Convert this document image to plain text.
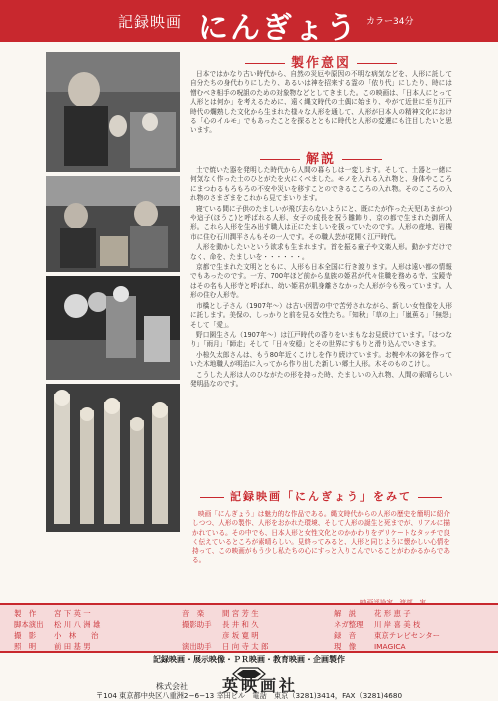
記録映画 にんぎょう カラー34分
製作意図

日本ではかなり古い時代から、自然の災厄や原因の不明な病気などを、人形に託して自分たちの身代わりにしたり、あるいは神を招来する霊の「依り代」にしたり、時には憎むべき相手の呪詛のための対象物などとしてきました。この映画は、「日本人にとって人形とは何か」を考えるために、遠く縄文時代の土偶に始まり、やがて近世に至り江戸時代の爛熟した文化から生まれた様々な人形を通して、人形が日本人の精神文化における「心のイルモ」でもあったことを探るとともに時代と人形の変遷にも注目したいと思います。

解説

土で焼いた器を発明した時代から人間の暮らしは一変します。そして、土器と一緒に何気なく作った土のひとがたを火にくべました。モノを入れる入れ物と、身体やこころにまつわるもろもろの不安や災いを移すことのできるこころの入れ物。そのこころの入れ物のさまざまをこれから見てまいります。

寝ている間に子供のたましいが飛び去らないようにと、既にたが作った天児(あまがつ)や這子(ほうこ)と呼ばれる人形、女子の成長を祝う雛飾り、京の都で生まれた御所人形。これら人形を生み出す職人は正にたましいを扱っていたのです。人形の産地、岩槻市に住む石川潤平さんもその一人です。その職人芸が花開く江戸時代。

人形を動かしたいという欲求も生まれます。首を振る童子や文楽人形。動かすだけでなく、命を、たましいを・・・・・・。

京都で生まれた文明とともに、人形も日本全国に行き渡ります。人形は遠い都の情報でもあったのです。一方、700年ほど前から皇族の姫君が代々住職を務める寺、宝鏡寺はその名も人形寺と呼ばれ、幼い姫君が肌身離さなかった人形が今も残っています。人形の住む人形寺。

市橋とし子さん（1907年～）は古い因習の中で苦労されながら、新しい女性像を人形に託します。美保の、しっかりと前を見る女性たち。「知秋」「草の上」「嵐蕉る」「無怨」そして「愛」。

野口園生さん（1907年～）は江戸時代の香りをいまもなお見続けています。「はつなり」「雨月」「師走」そして「日々安穏」とその世界にすもりと滑り込んでいきます。

小椋久太郎さんは、もう80年近くこけしを作り続けています。お椀や木の鉢を作っていた木地職人が明治に入ってから作り出した新しい郷土人形。木そのものこけし。

こうした人形は人のひながたの形を持った時、たましいの入れ物、人間の素晴らしい発明品なのです。

記録映画「にんぎょう」をみて

映画「にんぎょう」は魅力的な作品である。縄文時代からの人形の歴史を簡明に紹介しつつ、人形の製作、人形をおかれた環境、そして人形の誕生と死までが、リアルに描かれている。その中でも、日本人形と女性文化とのかかわりをデリケートなタッチで良く伝えているところが素晴らしい。見終ってみると、人形と同じように懐かしい心情を持って、この映画がもう少し私たちの心にすっと入りこんでいることがわかるからである。

製　作 宮 下 英 一
脚本演出 松 川 八 洲 雄
撮　影 小　林　　治
照　明 前 田 基 男
音　楽 間 宮 芳 生
撮影助手 長 井 和 久
彦 坂 寛 明
演出助手 日 向 寺 太 郎
解　説 花 形 恵 子
ネガ整理 川 岸 喜 美 枝
録　音 東京テレビセンター
現　像 IMAGICA
記録映画・展示映像・ＰＲ映画・教育映画・企画製作
株式会社 英映画社
〒104 東京都中央区八重洲2−6−13 幸田ビル　電話　東京（3281)3414，FAX（3281)4680
